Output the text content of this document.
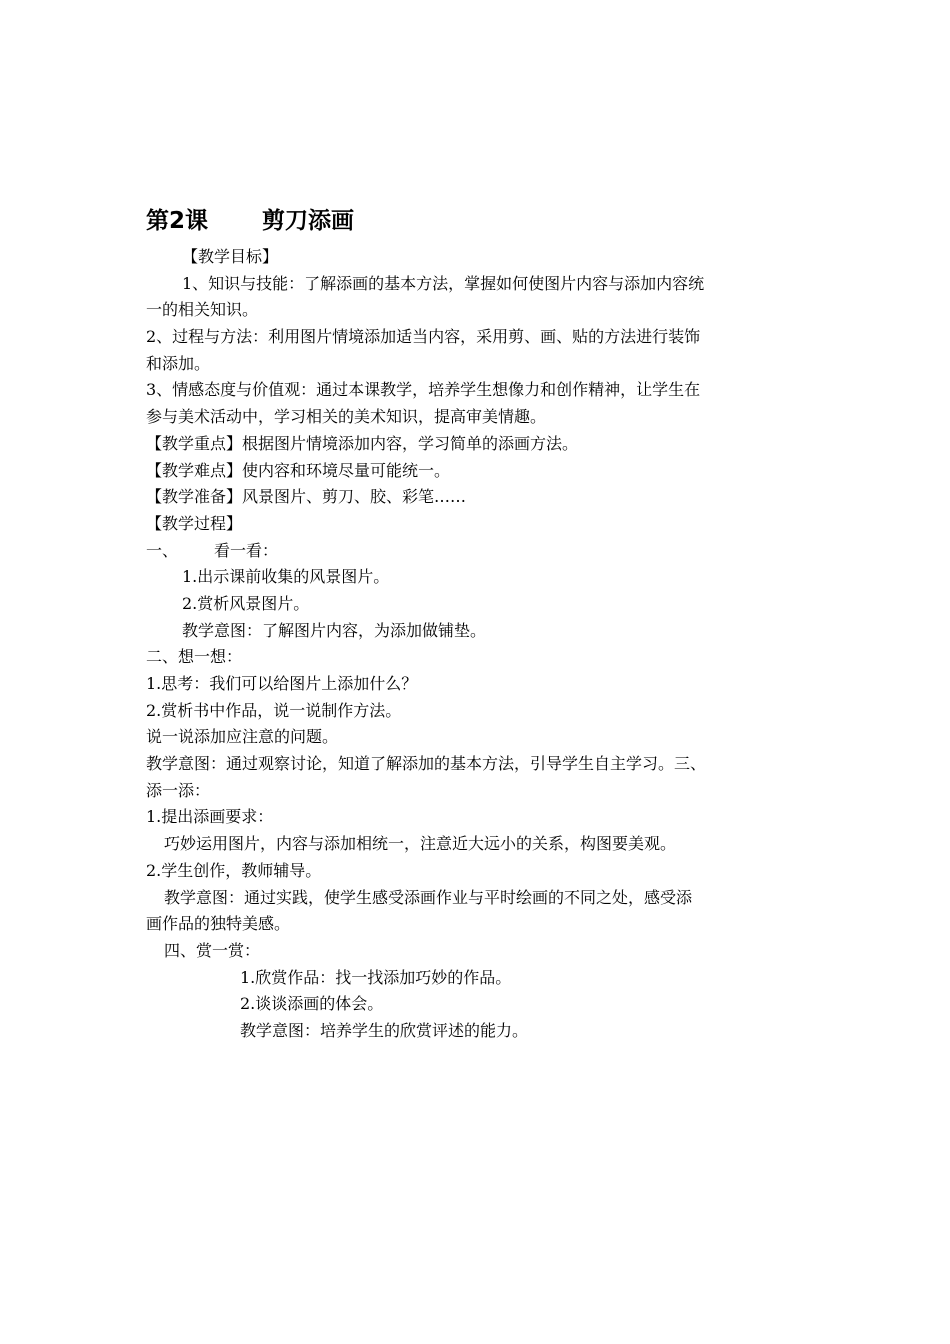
第2课 剪刀添画
【教学目标】
1、知识与技能：了解添画的基本方法，掌握如何使图片内容与添加内容统
一的相关知识。
2、过程与方法：利用图片情境添加适当内容，采用剪、画、贴的方法进行装饰
和添加。
3、情感态度与价值观：通过本课教学，培养学生想像力和创作精神，让学生在
参与美术活动中，学习相关的美术知识，提高审美情趣。
【教学重点】根据图片情境添加内容，学习简单的添画方法。
【教学难点】使内容和环境尽量可能统一。
【教学准备】风景图片、剪刀、胶、彩笔……
【教学过程】
一、 看一看：
1.出示课前收集的风景图片。
2.赏析风景图片。
教学意图：了解图片内容，为添加做铺垫。
二、想一想：
1.思考：我们可以给图片上添加什么？
2.赏析书中作品，说一说制作方法。
说一说添加应注意的问题。
教学意图：通过观察讨论，知道了解添加的基本方法，引导学生自主学习。三、
添一添：
1.提出添画要求：
巧妙运用图片，内容与添加相统一，注意近大远小的关系，构图要美观。
2.学生创作，教师辅导。
教学意图：通过实践，使学生感受添画作业与平时绘画的不同之处，感受添
画作品的独特美感。
四、赏一赏：
1.欣赏作品：找一找添加巧妙的作品。
2.谈谈添画的体会。
教学意图：培养学生的欣赏评述的能力。
